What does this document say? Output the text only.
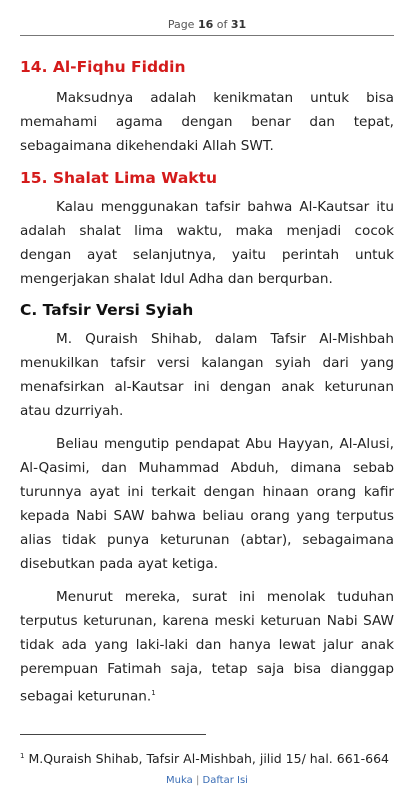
Page 16 of 31
14. Al-Fiqhu Fiddin

Maksudnya adalah kenikmatan untuk bisa memahami agama dengan benar dan tepat, sebagaimana dikehendaki Allah SWT.

15. Shalat Lima Waktu

Kalau menggunakan tafsir bahwa Al-Kautsar itu adalah shalat lima waktu, maka menjadi cocok dengan ayat selanjutnya, yaitu perintah untuk mengerjakan shalat Idul Adha dan berqurban.

C. Tafsir Versi Syiah

M. Quraish Shihab, dalam Tafsir Al-Mishbah menukilkan tafsir versi kalangan syiah dari yang menafsirkan al-Kautsar ini dengan anak keturunan atau dzurriyah.

Beliau mengutip pendapat Abu Hayyan, Al-Alusi, Al-Qasimi, dan Muhammad Abduh, dimana sebab turunnya ayat ini terkait dengan hinaan orang kafir kepada Nabi SAW bahwa beliau orang yang terputus alias tidak punya keturunan (abtar), sebagaimana disebutkan pada ayat ketiga.

Menurut mereka, surat ini menolak tuduhan terputus keturunan, karena meski keturuan Nabi SAW tidak ada yang laki-laki dan hanya lewat jalur anak perempuan Fatimah saja, tetap saja bisa dianggap sebagai keturunan.$^1$

$^1$ M.Quraish Shihab, Tafsir Al-Mishbah, jilid 15/ hal. 661-664
Muka | Daftar Isi
